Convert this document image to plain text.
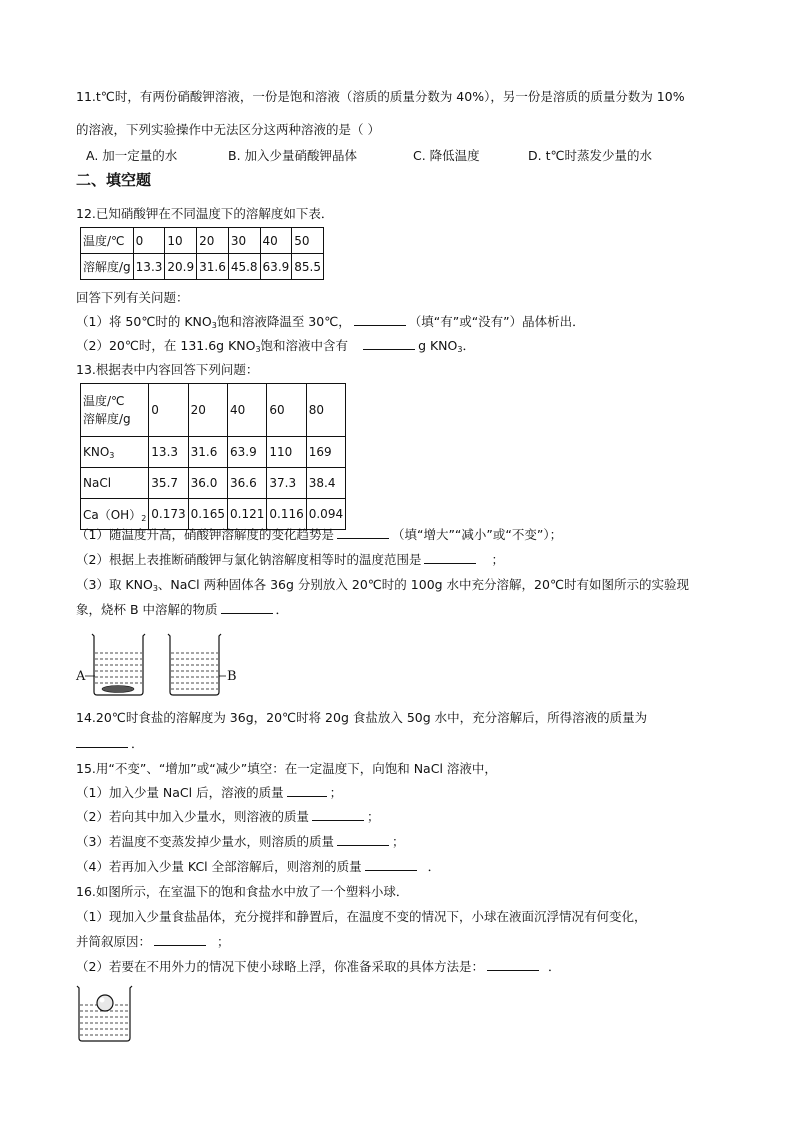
11.t℃时，有两份硝酸钾溶液，一份是饱和溶液（溶质的质量分数为 40%），另一份是溶质的质量分数为 10%
的溶液，下列实验操作中无法区分这两种溶液的是（ ）
A. 加一定量的水	B. 加入少量硝酸钾晶体	C. 降低温度	D. t℃时蒸发少量的水
二、填空题
12.已知硝酸钾在不同温度下的溶解度如下表．
温度/℃	0	10	20	30	40	50
溶解度/g	13.3	20.9	31.6	45.8	63.9	85.5
回答下列有关问题：
（1）将 50℃时的 $KNO_3$饱和溶液降温至 30℃，	（填“有”或“没有”）晶体析出．
（2）20℃时，在 131.6g $KNO_3$饱和溶液中含有	g $KNO_3$．
13.根据表中内容回答下列问题：
温度/℃
溶解度/g	0	20	40	60	80
$KNO_3$	13.3	31.6	63.9	110	169
NaCl	35.7	36.0	36.6	37.3	38.4
$Ca(OH)_2$	0.173	0.165	0.121	0.116	0.094
（1）随温度升高，硝酸钾溶解度的变化趋势是	（填“增大”“减小”或“不变”）；
（2）根据上表推断硝酸钾与氯化钠溶解度相等时的温度范围是	；
（3）取 $KNO_3$、NaCl 两种固体各 36g 分别放入 20℃时的 100g 水中充分溶解，20℃时有如图所示的实验现
象，烧杯 B 中溶解的物质	．
A	B
14.20℃时食盐的溶解度为 36g，20℃时将 20g 食盐放入 50g 水中，充分溶解后，所得溶液的质量为
．
15.用“不变”、“增加”或“减少”填空：在一定温度下，向饱和 NaCl 溶液中，
（1）加入少量 NaCl 后，溶液的质量	；
（2）若向其中加入少量水，则溶液的质量	；
（3）若温度不变蒸发掉少量水，则溶质的质量	；
（4）若再加入少量 KCl 全部溶解后，则溶剂的质量	．
16.如图所示，在室温下的饱和食盐水中放了一个塑料小球．
（1）现加入少量食盐晶体，充分搅拌和静置后，在温度不变的情况下，小球在液面沉浮情况有何变化，
并简叙原因：	；
（2）若要在不用外力的情况下使小球略上浮，你准备采取的具体方法是：	．
